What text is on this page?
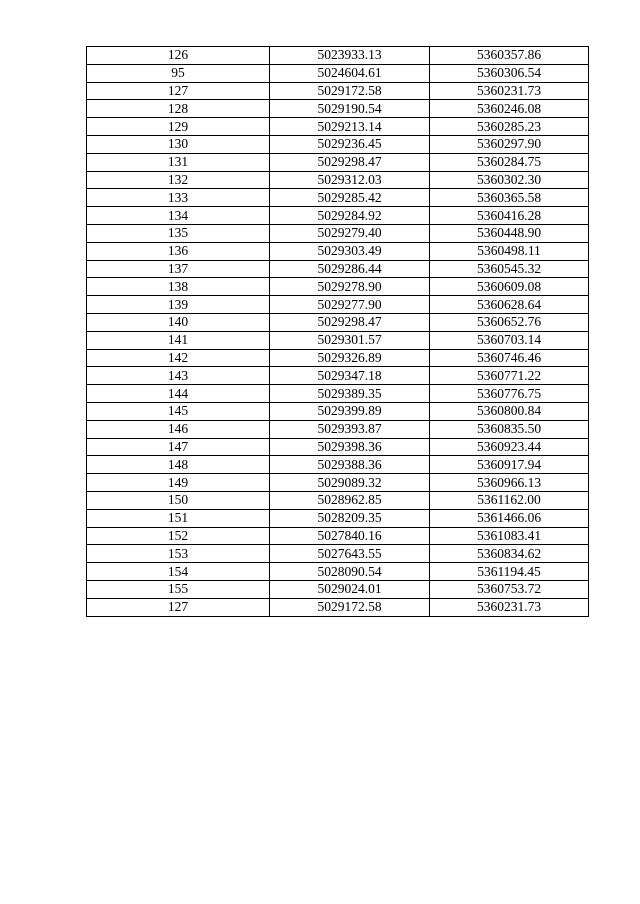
126	5023933.13	5360357.86
95	5024604.61	5360306.54
127	5029172.58	5360231.73
128	5029190.54	5360246.08
129	5029213.14	5360285.23
130	5029236.45	5360297.90
131	5029298.47	5360284.75
132	5029312.03	5360302.30
133	5029285.42	5360365.58
134	5029284.92	5360416.28
135	5029279.40	5360448.90
136	5029303.49	5360498.11
137	5029286.44	5360545.32
138	5029278.90	5360609.08
139	5029277.90	5360628.64
140	5029298.47	5360652.76
141	5029301.57	5360703.14
142	5029326.89	5360746.46
143	5029347.18	5360771.22
144	5029389.35	5360776.75
145	5029399.89	5360800.84
146	5029393.87	5360835.50
147	5029398.36	5360923.44
148	5029388.36	5360917.94
149	5029089.32	5360966.13
150	5028962.85	5361162.00
151	5028209.35	5361466.06
152	5027840.16	5361083.41
153	5027643.55	5360834.62
154	5028090.54	5361194.45
155	5029024.01	5360753.72
127	5029172.58	5360231.73
